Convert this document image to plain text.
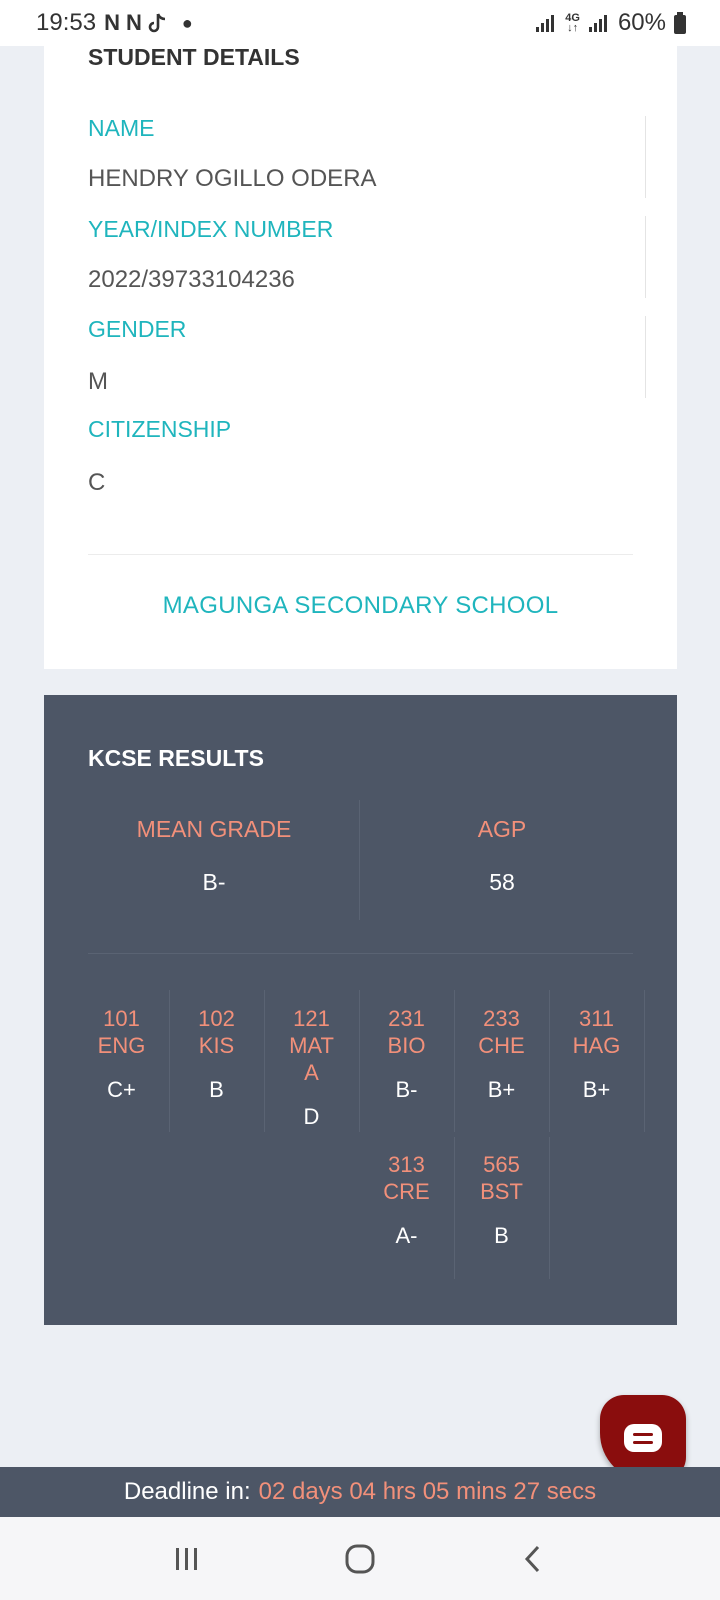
19:53 N N ●	4G
↓↑ 60%
STUDENT DETAILS
NAME
HENDRY OGILLO ODERA
YEAR/INDEX NUMBER
2022/39733104236
GENDER
M
CITIZENSHIP
C
MAGUNGA SECONDARY SCHOOL
KCSE RESULTS
MEAN GRADE
B-
AGP
58
101
ENG
C+
102
KIS
B
121
MAT A
D
231
BIO
B-
233
CHE
B+
311
HAG
B+
313
CRE
A-
565
BST
B
Deadline in: 02 days 04 hrs 05 mins 27 secs
